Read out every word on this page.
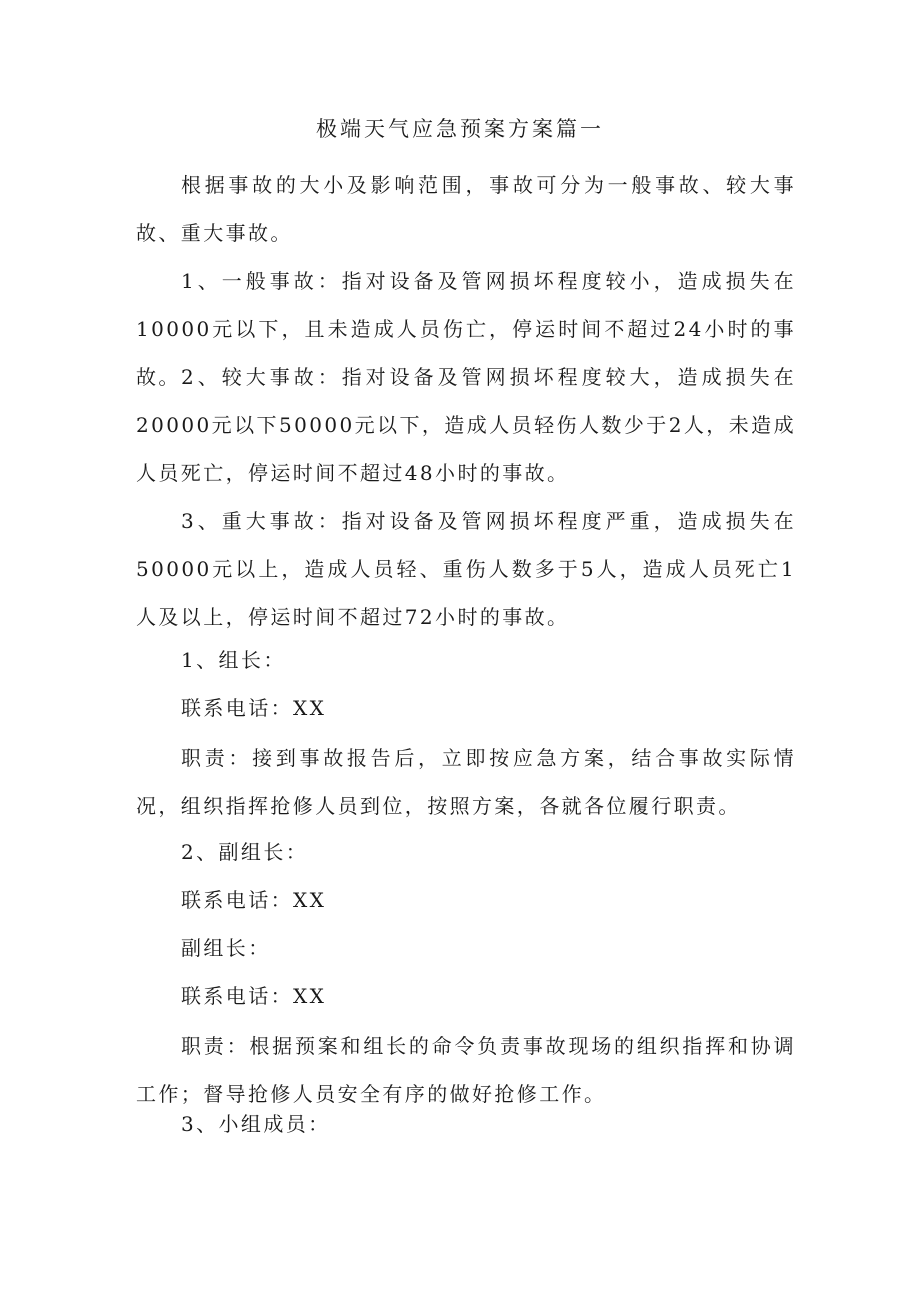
极端天气应急预案方案篇一

根据事故的大小及影响范围，事故可分为一般事故、较大事故、重大事故。

1、一般事故：指对设备及管网损坏程度较小，造成损失在10000元以下，且未造成人员伤亡，停运时间不超过24小时的事故。 2、较大事故：指对设备及管网损坏程度较大，造成损失在20000元以下50000元以下，造成人员轻伤人数少于2人，未造成人员死亡，停运时间不超过48小时的事故。

3、重大事故：指对设备及管网损坏程度严重，造成损失在50000元以上，造成人员轻、重伤人数多于5人，造成人员死亡1人及以上，停运时间不超过72小时的事故。

1、组长：
联系电话：XX

职责：接到事故报告后，立即按应急方案，结合事故实际情况，组织指挥抢修人员到位，按照方案，各就各位履行职责。

2、副组长：
联系电话：XX
副组长：
联系电话：XX

职责：根据预案和组长的命令负责事故现场的组织指挥和协调工作；督导抢修人员安全有序的做好抢修工作。

3、小组成员：
